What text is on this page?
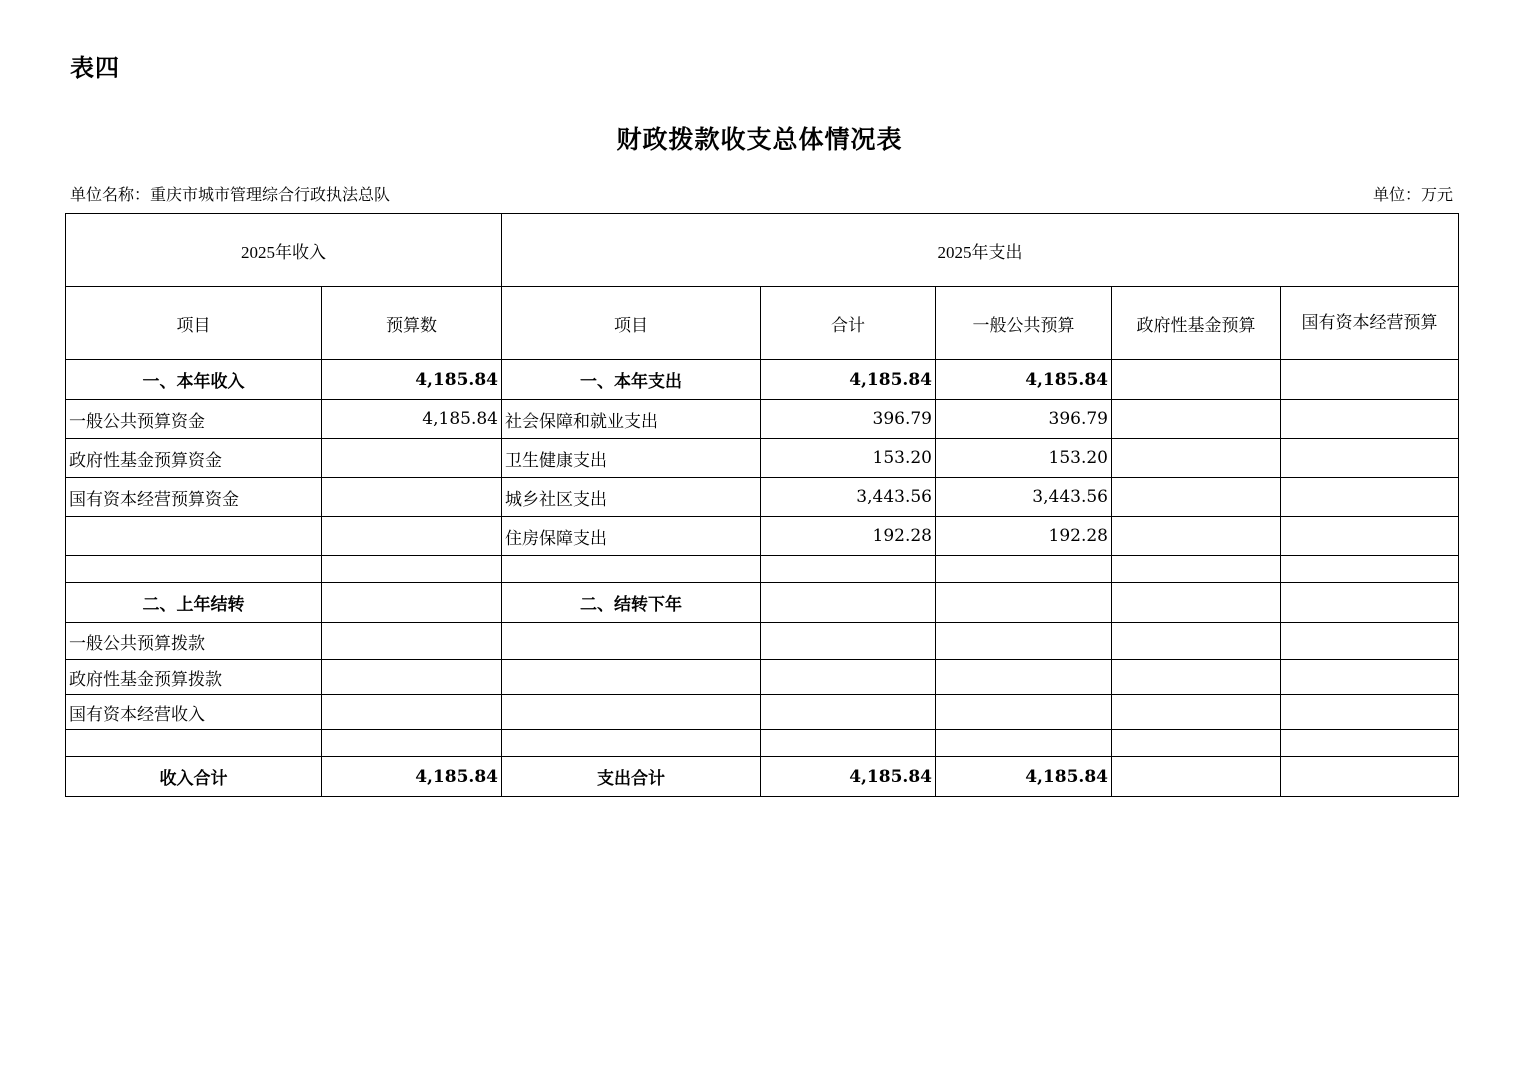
表四
财政拨款收支总体情况表
单位名称：重庆市城市管理综合行政执法总队	单位：万元
2025年收入		2025年支出				
项目	预算数	项目	合计	一般公共预算	政府性基金预算	国有资本经营预算
一、本年收入	4,185.84	一、本年支出	4,185.84	4,185.84		
一般公共预算资金	4,185.84	社会保障和就业支出	396.79	396.79		
政府性基金预算资金		卫生健康支出	153.20	153.20		
国有资本经营预算资金		城乡社区支出	3,443.56	3,443.56		
		住房保障支出	192.28	192.28		

二、上年结转		二、结转下年				
一般公共预算拨款						
政府性基金预算拨款						
国有资本经营收入						

收入合计	4,185.84	支出合计	4,185.84	4,185.84		
